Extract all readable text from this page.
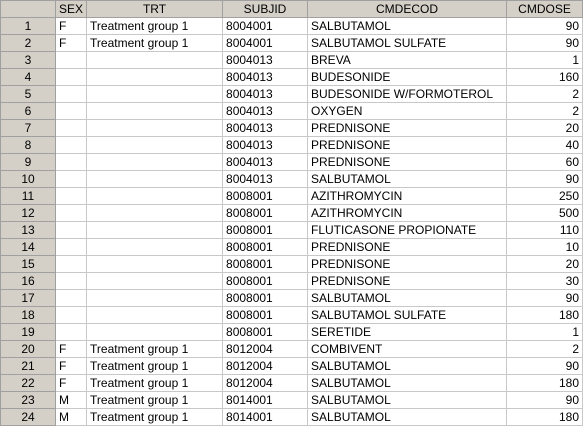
	SEX	TRT	SUBJID	CMDECOD	CMDOSE
1	F	Treatment group 1	8004001	SALBUTAMOL	90
2	F	Treatment group 1	8004001	SALBUTAMOL SULFATE	90
3			8004013	BREVA	1
4			8004013	BUDESONIDE	160
5			8004013	BUDESONIDE W/FORMOTEROL	2
6			8004013	OXYGEN	2
7			8004013	PREDNISONE	20
8			8004013	PREDNISONE	40
9			8004013	PREDNISONE	60
10			8004013	SALBUTAMOL	90
11			8008001	AZITHROMYCIN	250
12			8008001	AZITHROMYCIN	500
13			8008001	FLUTICASONE PROPIONATE	110
14			8008001	PREDNISONE	10
15			8008001	PREDNISONE	20
16			8008001	PREDNISONE	30
17			8008001	SALBUTAMOL	90
18			8008001	SALBUTAMOL SULFATE	180
19			8008001	SERETIDE	1
20	F	Treatment group 1	8012004	COMBIVENT	2
21	F	Treatment group 1	8012004	SALBUTAMOL	90
22	F	Treatment group 1	8012004	SALBUTAMOL	180
23	M	Treatment group 1	8014001	SALBUTAMOL	90
24	M	Treatment group 1	8014001	SALBUTAMOL	180
